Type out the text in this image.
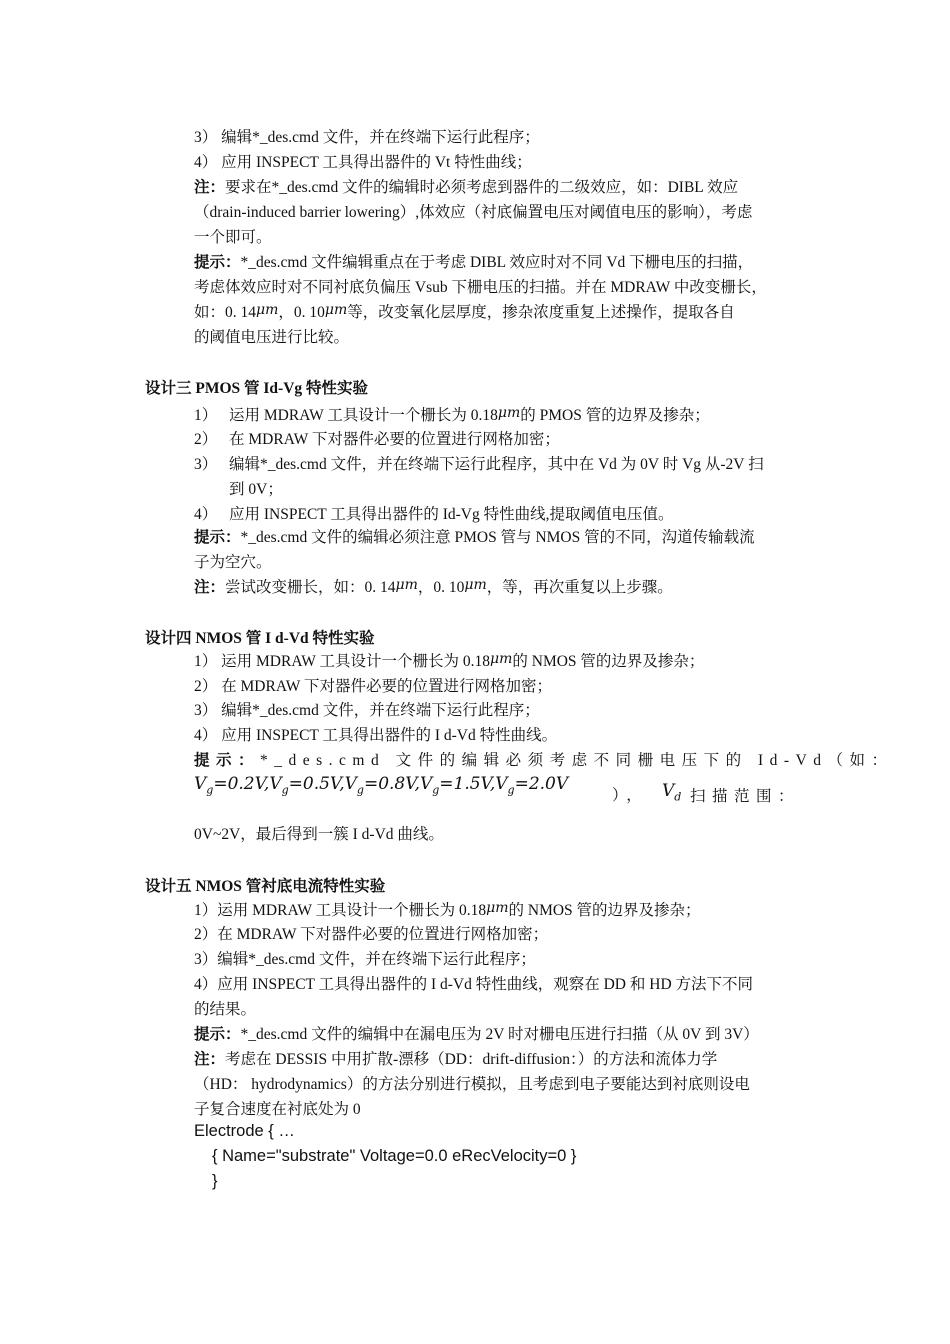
3） 编辑*_des.cmd 文件，并在终端下运行此程序；
4） 应用 INSPECT 工具得出器件的 Vt 特性曲线；
注：要求在*_des.cmd 文件的编辑时必须考虑到器件的二级效应，如：DIBL 效应
（drain-induced barrier lowering）,体效应（衬底偏置电压对阈值电压的影响），考虑
一个即可。
提示：*_des.cmd 文件编辑重点在于考虑 DIBL 效应时对不同 Vd 下栅电压的扫描，
考虑体效应时对不同衬底负偏压 Vsub 下栅电压的扫描。并在 MDRAW 中改变栅长，
如：0. 14μm，0. 10μm等，改变氧化层厚度，掺杂浓度重复上述操作，提取各自
的阈值电压进行比较。
设计三 PMOS 管 Id-Vg 特性实验
1） 运用 MDRAW 工具设计一个栅长为 0.18μm的 PMOS 管的边界及掺杂；
2） 在 MDRAW 下对器件必要的位置进行网格加密；
3） 编辑*_des.cmd 文件，并在终端下运行此程序，其中在 Vd 为 0V 时 Vg 从-2V 扫
到 0V；
4） 应用 INSPECT 工具得出器件的 Id-Vg 特性曲线,提取阈值电压值。
提示：*_des.cmd 文件的编辑必须注意 PMOS 管与 NMOS 管的不同，沟道传输载流
子为空穴。
注：尝试改变栅长，如：0. 14μm，0. 10μm，等，再次重复以上步骤。
设计四 NMOS 管 I d-Vd 特性实验
1） 运用 MDRAW 工具设计一个栅长为 0.18μm的 NMOS 管的边界及掺杂；
2） 在 MDRAW 下对器件必要的位置进行网格加密；
3） 编辑*_des.cmd 文件，并在终端下运行此程序；
4） 应用 INSPECT 工具得出器件的 I d-Vd 特性曲线。
提示：*_des.cmd 文件的编辑必须考虑不同栅电压下的 Id-Vd（如：
$V_g=0.2V,V_g=0.5V,V_g=0.8V,V_g=1.5V,V_g=2.0V$
）， $V_d$ 扫描范围：
0V~2V，最后得到一簇 I d-Vd 曲线。
设计五 NMOS 管衬底电流特性实验
1）运用 MDRAW 工具设计一个栅长为 0.18μm的 NMOS 管的边界及掺杂；
2）在 MDRAW 下对器件必要的位置进行网格加密；
3）编辑*_des.cmd 文件，并在终端下运行此程序；
4）应用 INSPECT 工具得出器件的 I d-Vd 特性曲线，观察在 DD 和 HD 方法下不同
的结果。
提示：*_des.cmd 文件的编辑中在漏电压为 2V 时对栅电压进行扫描（从 0V 到 3V）
注：考虑在 DESSIS 中用扩散-漂移（DD：drift-diffusion：）的方法和流体力学
（HD： hydrodynamics）的方法分别进行模拟，且考虑到电子要能达到衬底则设电
子复合速度在衬底处为 0
Electrode { …
{ Name="substrate" Voltage=0.0 eRecVelocity=0 }
}
